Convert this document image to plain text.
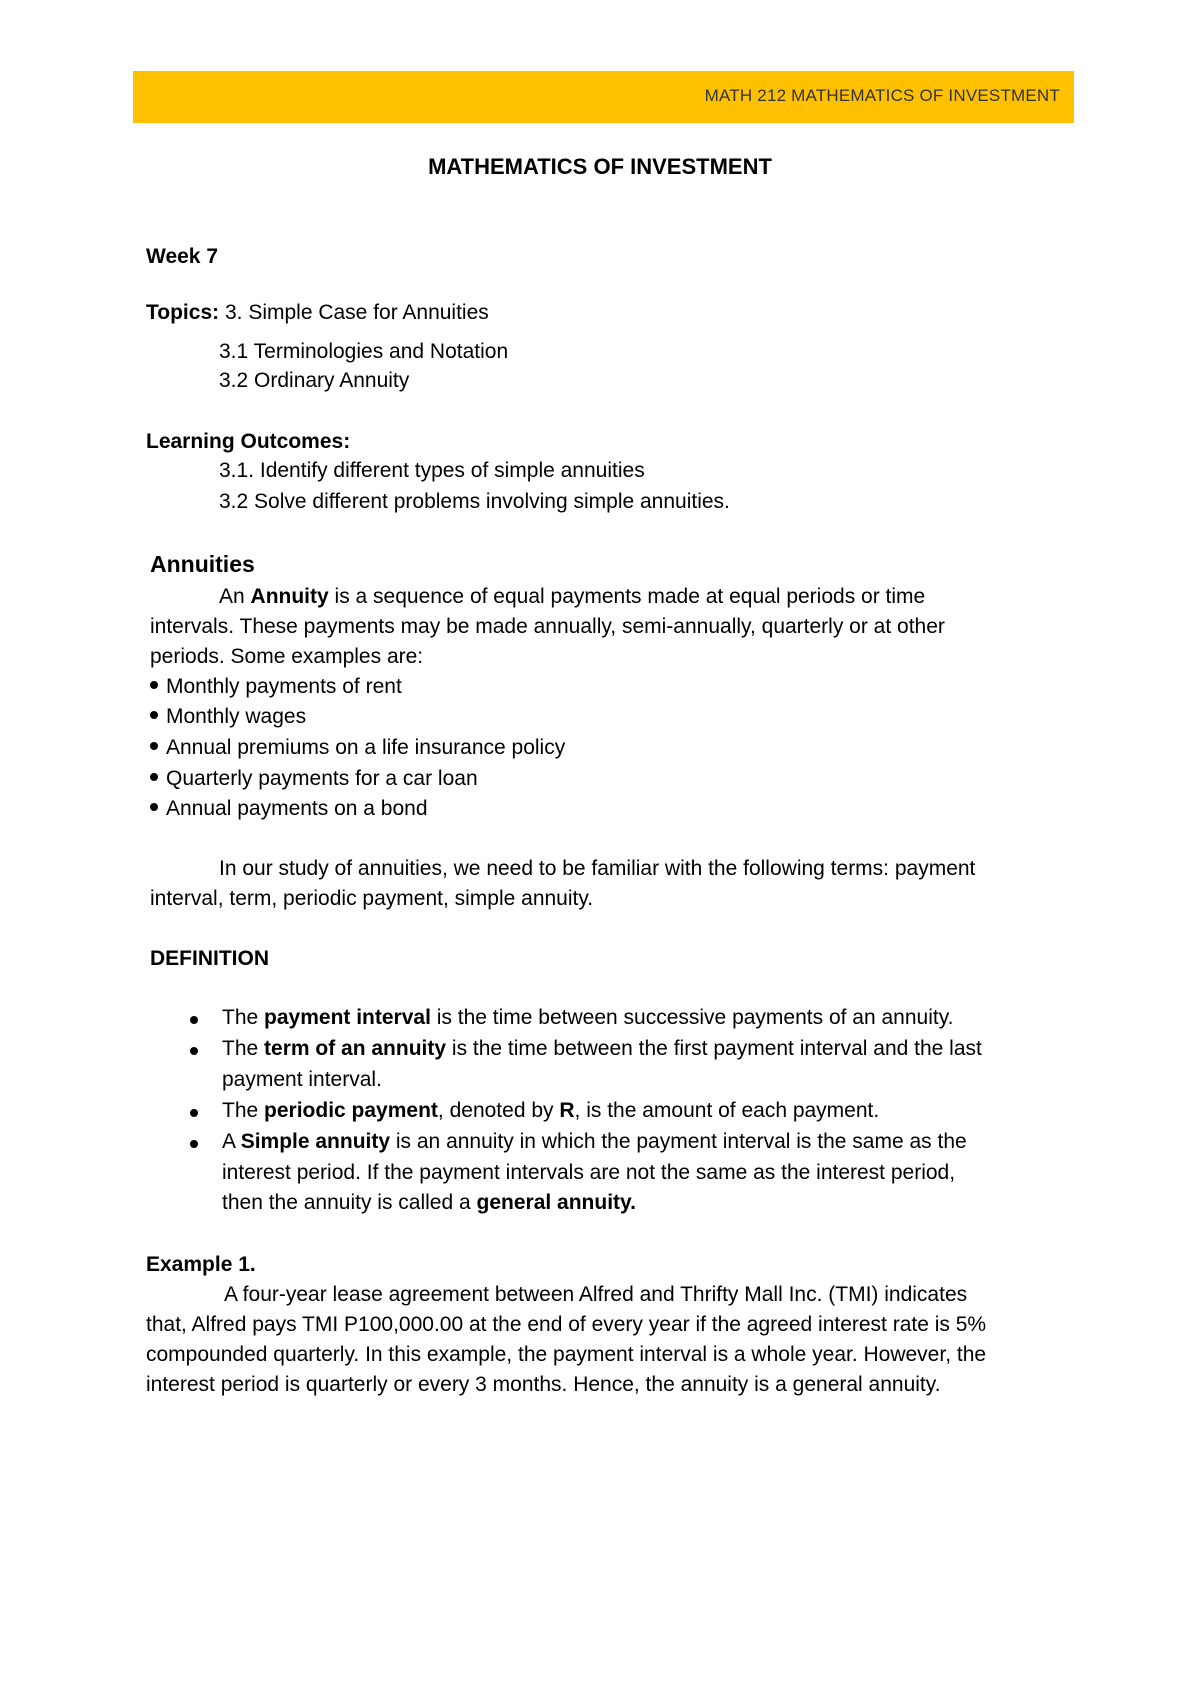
MATH 212 MATHEMATICS OF INVESTMENT
MATHEMATICS OF INVESTMENT
Week 7
Topics: 3. Simple Case for Annuities
3.1 Terminologies and Notation
3.2 Ordinary Annuity
Learning Outcomes:
3.1. Identify different types of simple annuities
3.2 Solve different problems involving simple annuities.
Annuities
An Annuity is a sequence of equal payments made at equal periods or time
intervals. These payments may be made annually, semi-annually, quarterly or at other
periods. Some examples are:
Monthly payments of rent
Monthly wages
Annual premiums on a life insurance policy
Quarterly payments for a car loan
Annual payments on a bond
In our study of annuities, we need to be familiar with the following terms: payment
interval, term, periodic payment, simple annuity.
DEFINITION
The payment interval is the time between successive payments of an annuity.
The term of an annuity is the time between the first payment interval and the last
payment interval.
The periodic payment, denoted by R, is the amount of each payment.
A Simple annuity is an annuity in which the payment interval is the same as the
interest period. If the payment intervals are not the same as the interest period,
then the annuity is called a general annuity.
Example 1.
A four-year lease agreement between Alfred and Thrifty Mall Inc. (TMI) indicates
that, Alfred pays TMI P100,000.00 at the end of every year if the agreed interest rate is 5%
compounded quarterly. In this example, the payment interval is a whole year. However, the
interest period is quarterly or every 3 months. Hence, the annuity is a general annuity.
